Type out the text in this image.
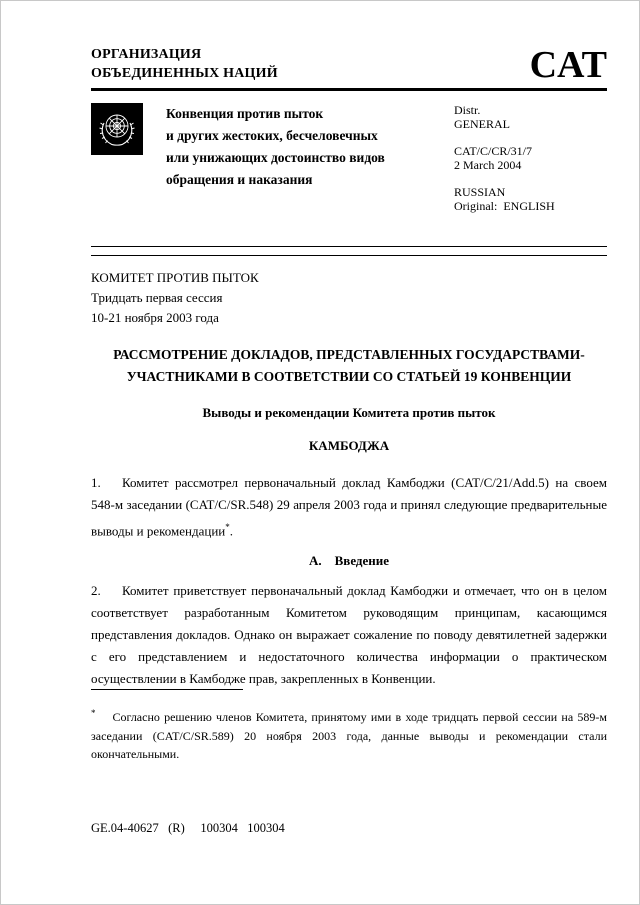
ОРГАНИЗАЦИЯ
ОБЪЕДИНЕННЫХ НАЦИЙ	CAT
Конвенция против пыток
и других жестоких, бесчеловечных
или унижающих достоинство видов
обращения и наказания
Distr.
GENERAL
CAT/C/CR/31/7
2 March 2004
RUSSIAN
Original:  ENGLISH
КОМИТЕТ ПРОТИВ ПЫТОК
Тридцать первая сессия
10-21 ноября 2003 года
РАССМОТРЕНИЕ ДОКЛАДОВ, ПРЕДСТАВЛЕННЫХ ГОСУДАРСТВАМИ-
УЧАСТНИКАМИ В СООТВЕТСТВИИ СО СТАТЬЕЙ 19 КОНВЕНЦИИ
Выводы и рекомендации Комитета против пыток
КАМБОДЖА

1. Комитет рассмотрел первоначальный доклад Камбоджи (CAT/C/21/Add.5) на своем 548-м заседании (CAT/C/SR.548) 29 апреля 2003 года и принял следующие предварительные выводы и рекомендации*.

A.    Введение

2. Комитет приветствует первоначальный доклад Камбоджи и отмечает, что он в целом соответствует разработанным Комитетом руководящим принципам, касающимся представления докладов. Однако он выражает сожаление по поводу девятилетней задержки с его представлением и недостаточного количества информации о практическом осуществлении в Камбодже прав, закрепленных в Конвенции.

* Согласно решению членов Комитета, принятому ими в ходе тридцать первой сессии на 589-м заседании (CAT/C/SR.589) 20 ноября 2003 года, данные выводы и рекомендации стали окончательными.
GE.04-40627   (R)     100304   100304
